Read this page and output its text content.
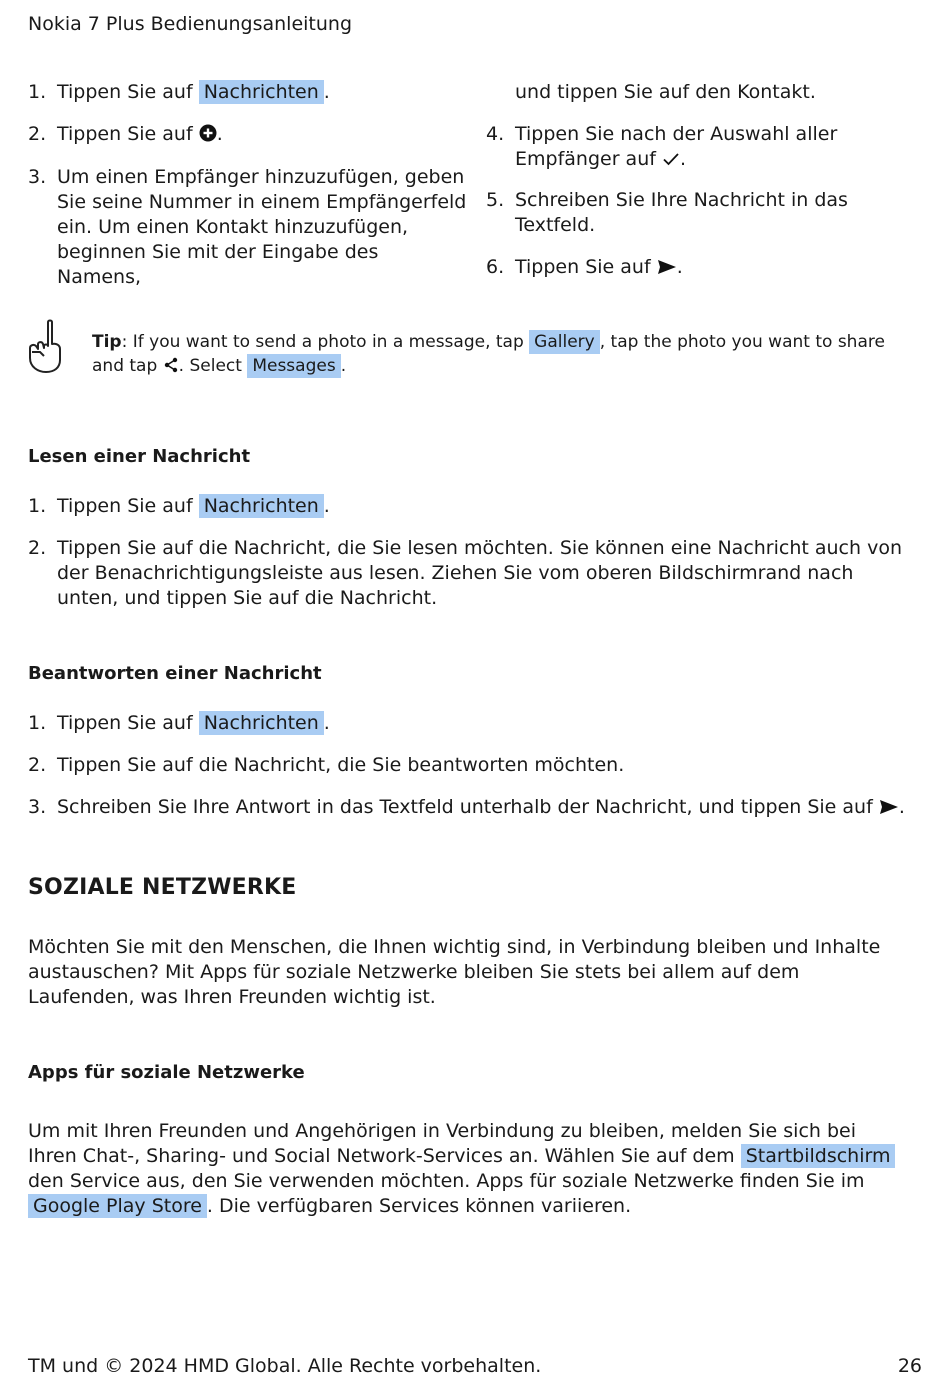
Nokia 7 Plus Bedienungsanleitung
1. Tippen Sie auf Nachrichten .
2. Tippen Sie auf .
3. Um einen Empfänger hinzuzufügen, geben Sie seine Nummer in einem Empfängerfeld ein. Um einen Kontakt hinzuzufügen, beginnen Sie mit der Eingabe des Namens,
und tippen Sie auf den Kontakt.
4. Tippen Sie nach der Auswahl aller Empfänger auf .
5. Schreiben Sie Ihre Nachricht in das Textfeld.
6. Tippen Sie auf .
Tip: If you want to send a photo in a message, tap Gallery , tap the photo you want to share and tap . Select Messages .
Lesen einer Nachricht
1. Tippen Sie auf Nachrichten .
2. Tippen Sie auf die Nachricht, die Sie lesen möchten. Sie können eine Nachricht auch von der Benachrichtigungsleiste aus lesen. Ziehen Sie vom oberen Bildschirmrand nach unten, und tippen Sie auf die Nachricht.
Beantworten einer Nachricht
1. Tippen Sie auf Nachrichten .
2. Tippen Sie auf die Nachricht, die Sie beantworten möchten.
3. Schreiben Sie Ihre Antwort in das Textfeld unterhalb der Nachricht, und tippen Sie auf .
SOZIALE NETZWERKE
Möchten Sie mit den Menschen, die Ihnen wichtig sind, in Verbindung bleiben und Inhalte austauschen? Mit Apps für soziale Netzwerke bleiben Sie stets bei allem auf dem Laufenden, was Ihren Freunden wichtig ist.
Apps für soziale Netzwerke
Um mit Ihren Freunden und Angehörigen in Verbindung zu bleiben, melden Sie sich bei Ihren Chat-, Sharing- und Social Network-Services an. Wählen Sie auf dem Startbildschirm den Service aus, den Sie verwenden möchten. Apps für soziale Netzwerke finden Sie im Google Play Store . Die verfügbaren Services können variieren.
TM und © 2024 HMD Global. Alle Rechte vorbehalten.	26
